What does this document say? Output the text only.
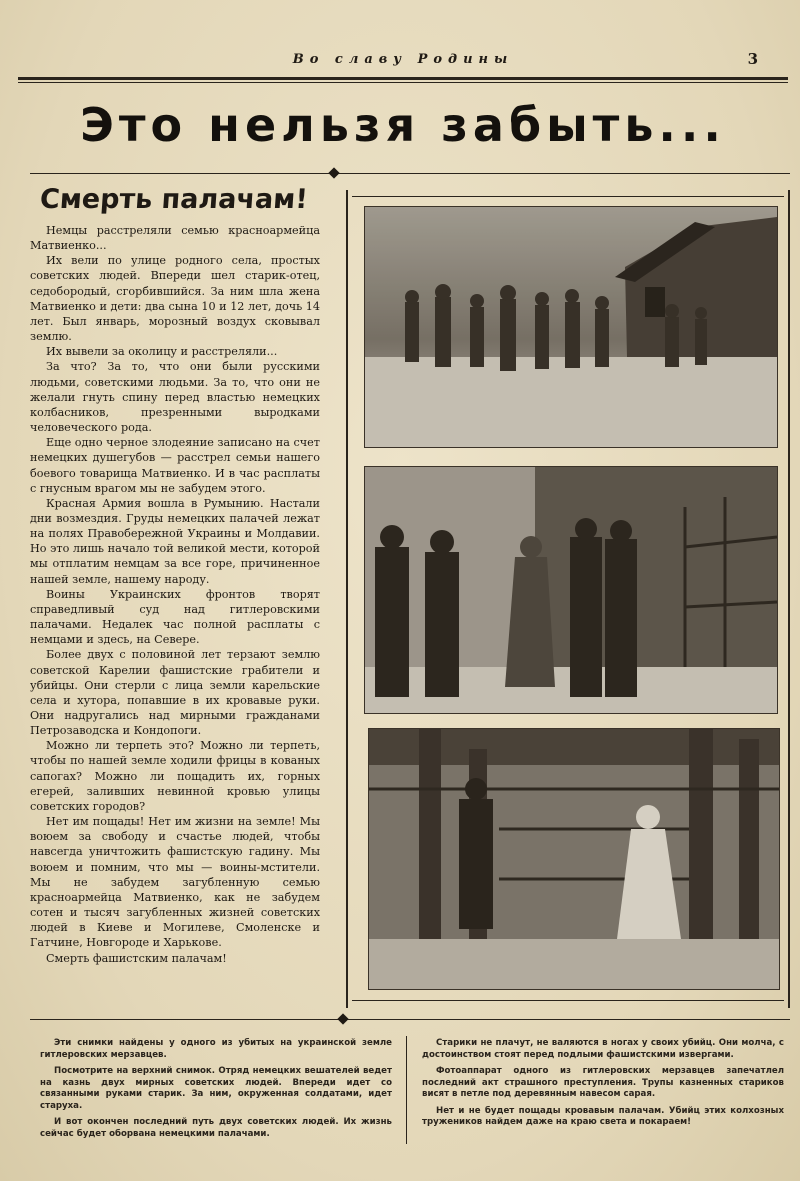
Во славу Родины	3
Это нельзя забыть...
Смерть палачам!

Немцы расстреляли семью красноармейца Матвиенко...

Их вели по улице родного села, простых советских людей. Впереди шел старик-отец, седобородый, сгорбившийся. За ним шла жена Матвиенко и дети: два сына 10 и 12 лет, дочь 14 лет. Был январь, морозный воздух сковывал землю.

Их вывели за околицу и расстреляли...

За что? За то, что они были русскими людьми, советскими людьми. За то, что они не желали гнуть спину перед властью немецких колбасников, презренными выродками человеческого рода.

Еще одно черное злодеяние записано на счет немецких душегубов — расстрел семьи нашего боевого товарища Матвиенко. И в час расплаты с гнусным врагом мы не забудем этого.

Красная Армия вошла в Румынию. Настали дни возмездия. Груды немецких палачей лежат на полях Правобережной Украины и Молдавии. Но это лишь начало той великой мести, которой мы отплатим немцам за все горе, причиненное нашей земле, нашему народу.

Воины Украинских фронтов творят справедливый суд над гитлеровскими палачами. Недалек час полной расплаты с немцами и здесь, на Севере.

Более двух с половиной лет терзают землю советской Карелии фашистские грабители и убийцы. Они стерли с лица земли карельские села и хутора, попавшие в их кровавые руки. Они надругались над мирными гражданами Петрозаводска и Кондопоги.

Можно ли терпеть это? Можно ли терпеть, чтобы по нашей земле ходили фрицы в кованых сапогах? Можно ли пощадить их, горных егерей, заливших невинной кровью улицы советских городов?

Нет им пощады! Нет им жизни на земле! Мы воюем за свободу и счастье людей, чтобы навсегда уничтожить фашистскую гадину. Мы воюем и помним, что мы — воины-мстители. Мы не забудем загубленную семью красноармейца Матвиенко, как не забудем сотен и тысяч загубленных жизней советских людей в Киеве и Могилеве, Смоленске и Гатчине, Новгороде и Харькове.

Смерть фашистским палачам!

Эти снимки найдены у одного из убитых на украинской земле гитлеровских мерзавцев.

Посмотрите на верхний снимок. Отряд немецких вешателей ведет на казнь двух мирных советских людей. Впереди идет со связанными руками старик. За ним, окруженная солдатами, идет старуха.

И вот окончен последний путь двух советских людей. Их жизнь сейчас будет оборвана немецкими палачами.

Старики не плачут, не валяются в ногах у своих убийц. Они молча, с достоинством стоят перед подлыми фашистскими извергами.

Фотоаппарат одного из гитлеровских мерзавцев запечатлел последний акт страшного преступления. Трупы казненных стариков висят в петле под деревянным навесом сарая.

Нет и не будет пощады кровавым палачам. Убийц этих колхозных тружеников найдем даже на краю света и покараем!
